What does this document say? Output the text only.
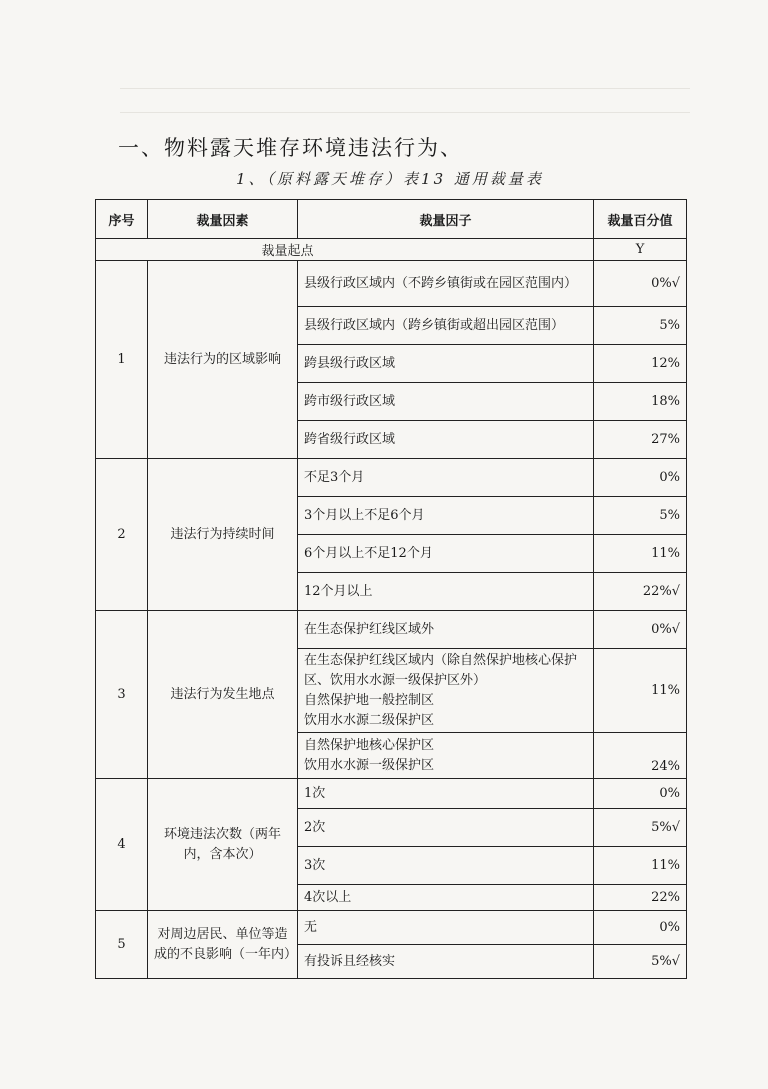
一、物料露天堆存环境违法行为、
1、（原料露天堆存）表13 通用裁量表
序号	裁量因素	裁量因子	裁量百分值
裁量起点			Y
1	违法行为的区域影响	县级行政区域内（不跨乡镇街或在园区范围内）	0%√
		县级行政区域内（跨乡镇街或超出园区范围）	5%
		跨县级行政区域	12%
		跨市级行政区域	18%
		跨省级行政区域	27%
2	违法行为持续时间	不足3个月	0%
		3个月以上不足6个月	5%
		6个月以上不足12个月	11%
		12个月以上	22%√
3	违法行为发生地点	在生态保护红线区域外	0%√
		在生态保护红线区域内（除自然保护地核心保护区、饮用水水源一级保护区外）
自然保护地一般控制区
饮用水水源二级保护区	11%
		自然保护地核心保护区
饮用水水源一级保护区	24%
4	环境违法次数（两年内，含本次）	1次	0%
		2次	5%√
		3次	11%
		4次以上	22%
5	对周边居民、单位等造成的不良影响（一年内）	无	0%
		有投诉且经核实	5%√
